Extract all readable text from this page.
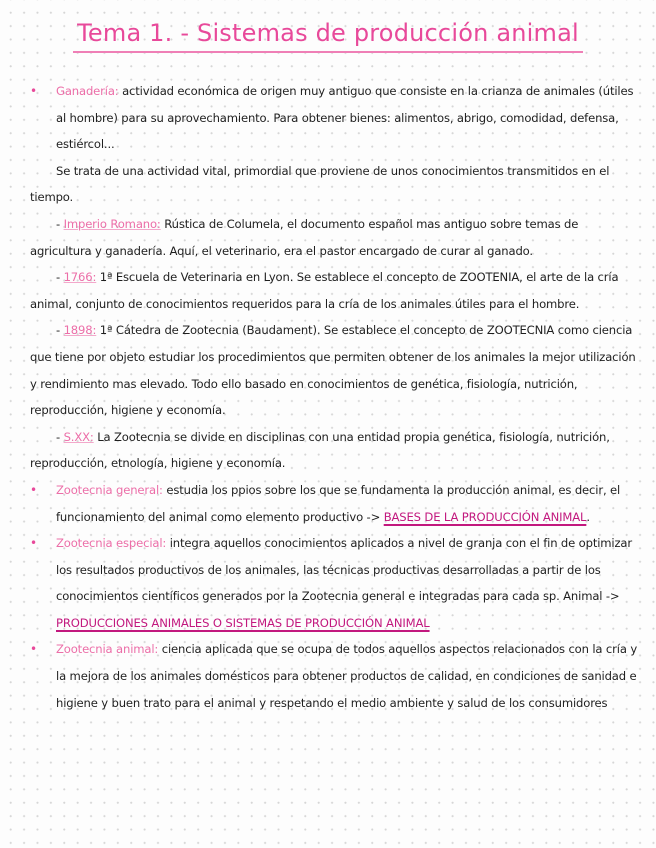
Tema 1. - Sistemas de producción animal

• Ganadería: actividad económica de origen muy antiguo que consiste en la crianza de animales (útiles al hombre) para su aprovechamiento. Para obtener bienes: alimentos, abrigo, comodidad, defensa, estiércol...

Se trata de una actividad vital, primordial que proviene de unos conocimientos transmitidos en el tiempo.

- Imperio Romano: Rústica de Columela, el documento español mas antiguo sobre temas de agricultura y ganadería. Aquí, el veterinario, era el pastor encargado de curar al ganado.

- 1766: 1ª Escuela de Veterinaria en Lyon. Se establece el concepto de ZOOTENIA, el arte de la cría animal, conjunto de conocimientos requeridos para la cría de los animales útiles para el hombre.

- 1898: 1ª Cátedra de Zootecnia (Baudament). Se establece el concepto de ZOOTECNIA como ciencia que tiene por objeto estudiar los procedimientos que permiten obtener de los animales la mejor utilización y rendimiento mas elevado. Todo ello basado en conocimientos de genética, fisiología, nutrición, reproducción, higiene y economía.

- S.XX: La Zootecnia se divide en disciplinas con una entidad propia genética, fisiología, nutrición, reproducción, etnología, higiene y economía.

• Zootecnia general: estudia los ppios sobre los que se fundamenta la producción animal, es decir, el funcionamiento del animal como elemento productivo -> BASES DE LA PRODUCCIÓN ANIMAL.

• Zootecnia especial: integra aquellos conocimientos aplicados a nivel de granja con el fin de optimizar los resultados productivos de los animales, las técnicas productivas desarrolladas a partir de los conocimientos científicos generados por la Zootecnia general e integradas para cada sp. Animal -> PRODUCCIONES ANIMALES O SISTEMAS DE PRODUCCIÓN ANIMAL

• Zootecnia animal: ciencia aplicada que se ocupa de todos aquellos aspectos relacionados con la cría y la mejora de los animales domésticos para obtener productos de calidad, en condiciones de sanidad e higiene y buen trato para el animal y respetando el medio ambiente y salud de los consumidores
